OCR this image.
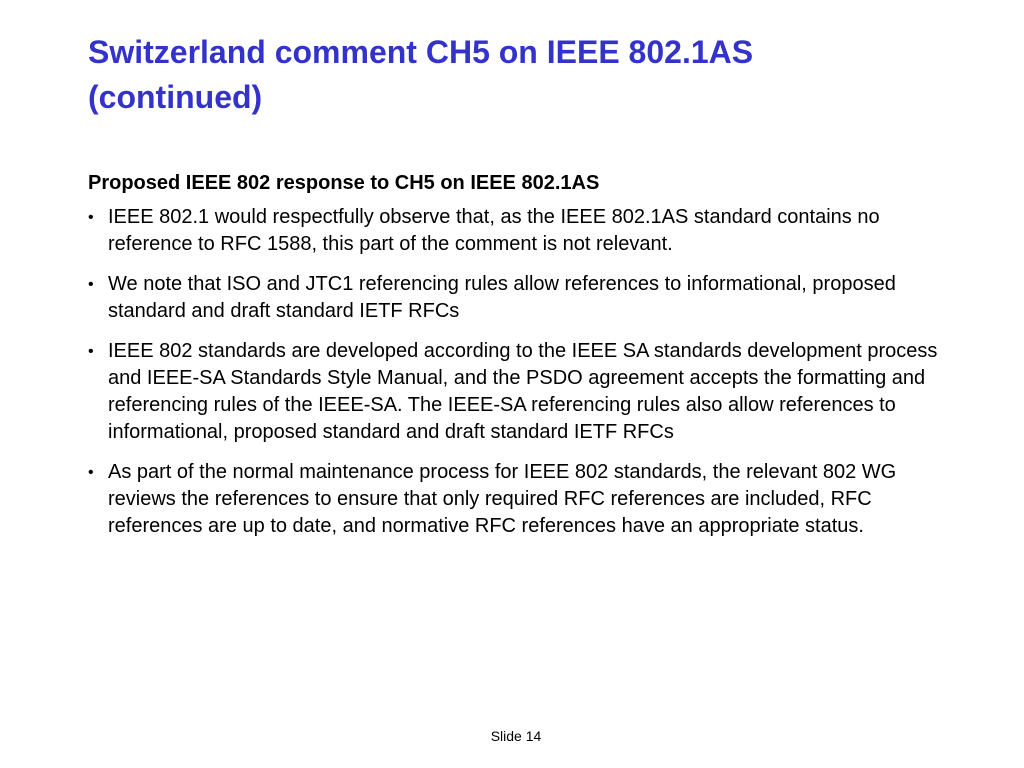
Switzerland comment CH5 on IEEE 802.1AS
(continued)
Proposed IEEE 802 response to CH5 on IEEE 802.1AS
• IEEE 802.1 would respectfully observe that, as the IEEE 802.1AS standard contains no reference to RFC 1588, this part of the comment is not relevant.
• We note that ISO and JTC1 referencing rules allow references to informational, proposed standard and draft standard IETF RFCs
• IEEE 802 standards are developed according to the IEEE SA standards development process and IEEE-SA Standards Style Manual, and the PSDO agreement accepts the formatting and referencing rules of the IEEE-SA. The IEEE-SA referencing rules also allow references to informational, proposed standard and draft standard IETF RFCs
• As part of the normal maintenance process for IEEE 802 standards, the relevant 802 WG reviews the references to ensure that only required RFC references are included, RFC references are up to date, and normative RFC references have an appropriate status.
Slide 14
